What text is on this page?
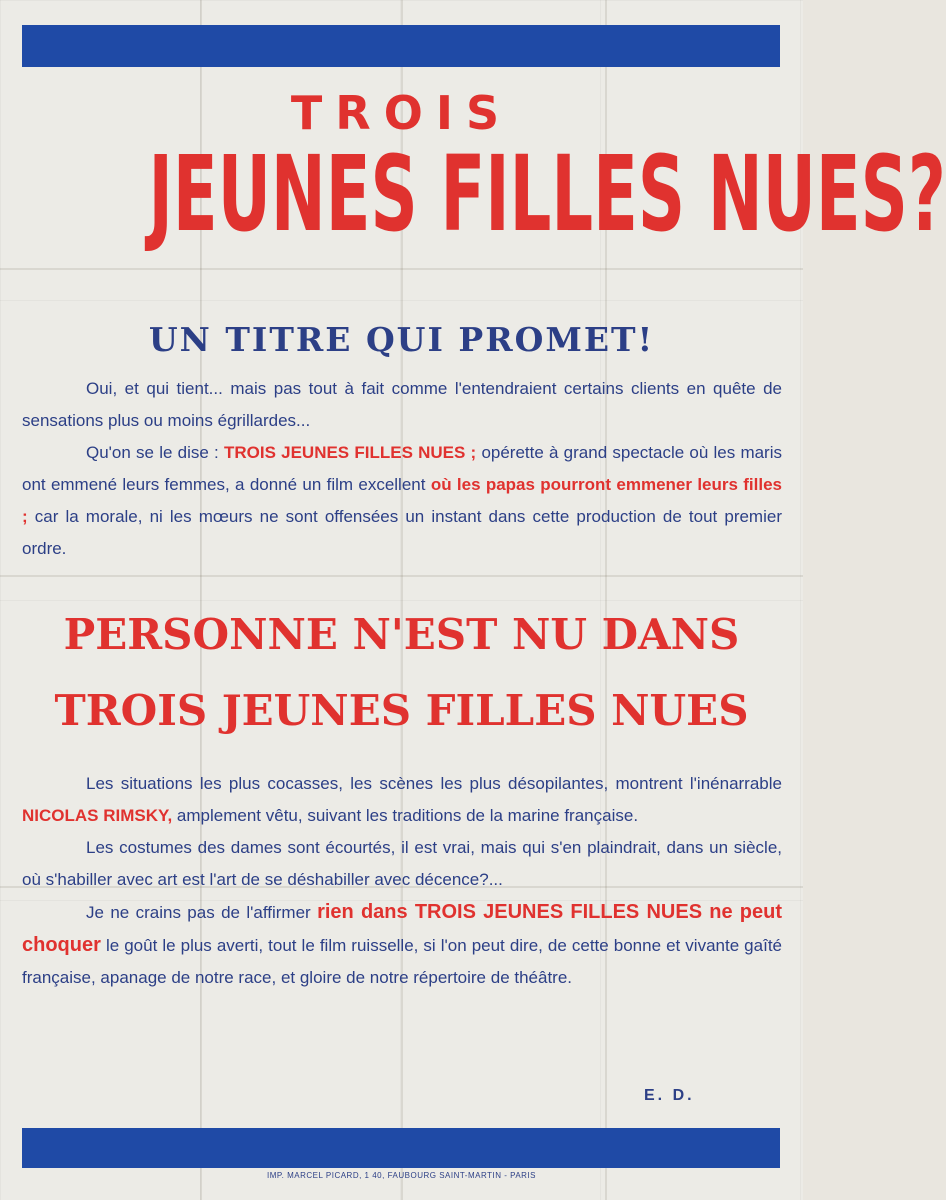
TROIS
JEUNES FILLES NUES?
UN TITRE QUI PROMET!
Oui, et qui tient... mais pas tout à fait comme l'entendraient certains clients en quête de sensations plus ou moins égrillardes...
Qu'on se le dise : TROIS JEUNES FILLES NUES ; opérette à grand spectacle où les maris ont emmené leurs femmes, a donné un film excellent où les papas pourront emmener leurs filles ; car la morale, ni les mœurs ne sont offensées un instant dans cette production de tout premier ordre.
PERSONNE N'EST NU DANS
TROIS JEUNES FILLES NUES
Les situations les plus cocasses, les scènes les plus désopilantes, montrent l'inénarrable NICOLAS RIMSKY, amplement vêtu, suivant les traditions de la marine française.
Les costumes des dames sont écourtés, il est vrai, mais qui s'en plaindrait, dans un siècle, où s'habiller avec art est l'art de se déshabiller avec décence?...
Je ne crains pas de l'affirmer rien dans TROIS JEUNES FILLES NUES ne peut choquer le goût le plus averti, tout le film ruisselle, si l'on peut dire, de cette bonne et vivante gaîté française, apanage de notre race, et gloire de notre répertoire de théâtre.
E. D.
IMP. MARCEL PICARD, 1 40, FAUBOURG SAINT-MARTIN - PARIS
